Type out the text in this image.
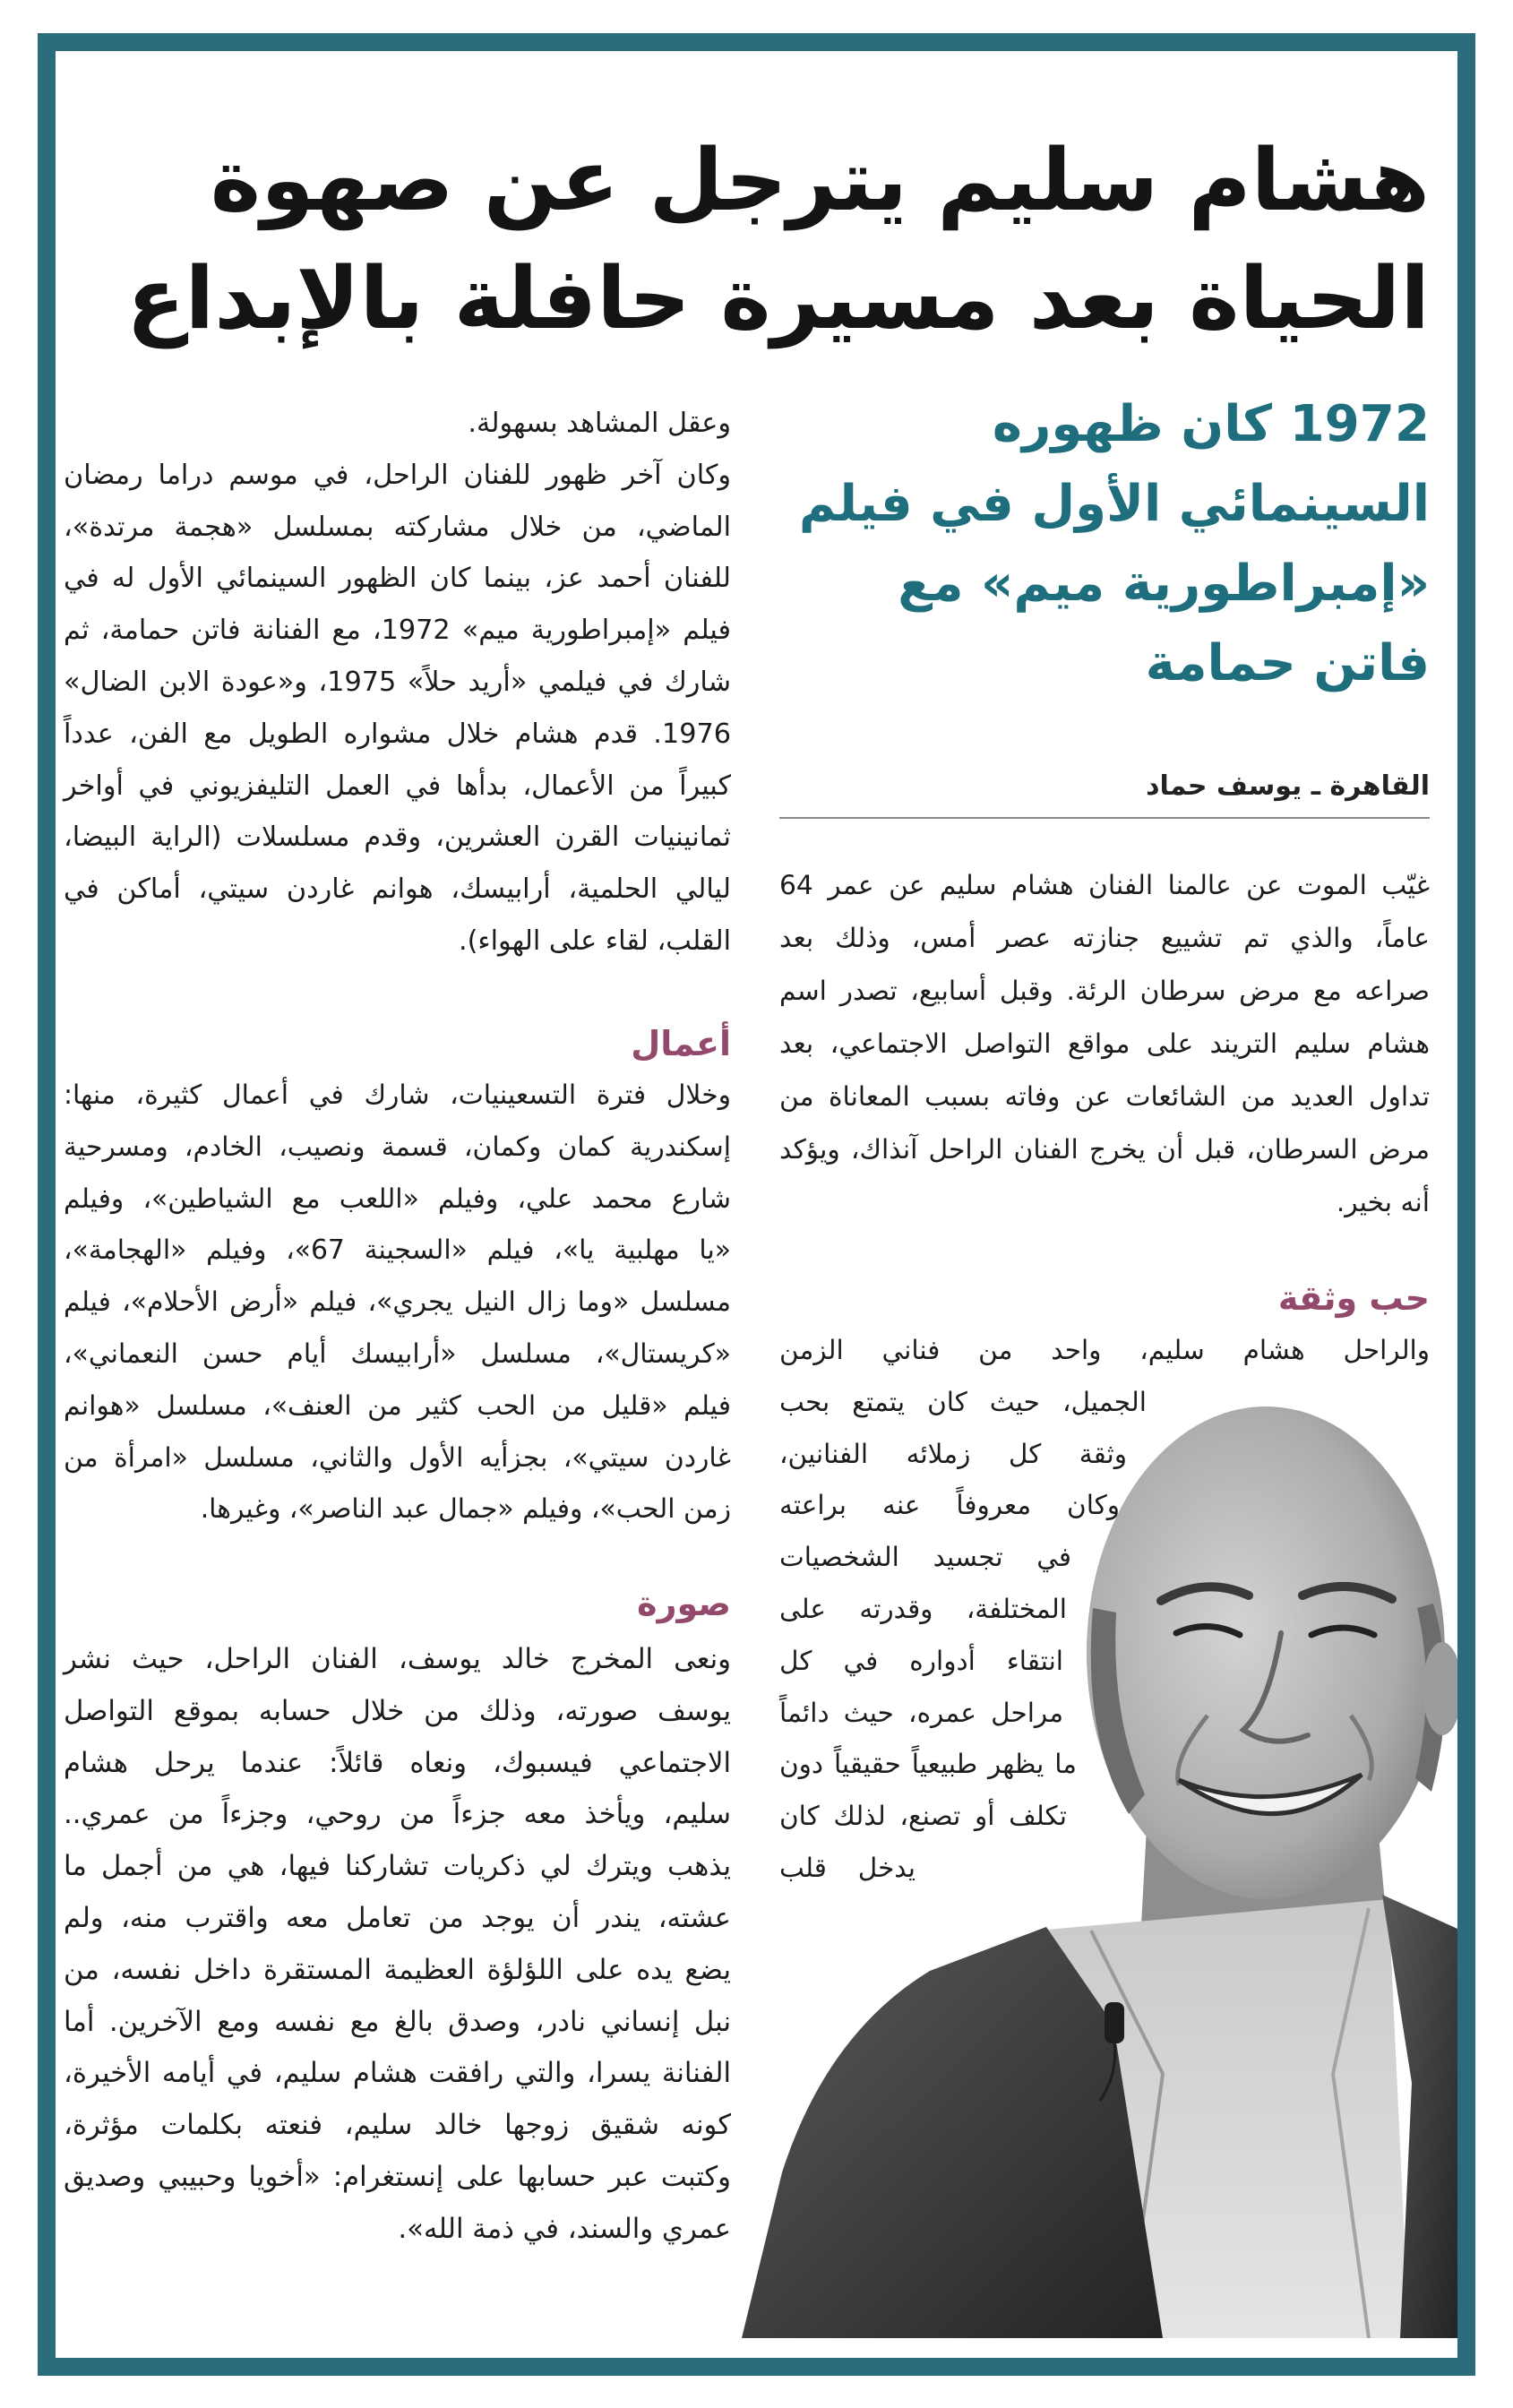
هشام سليم يترجل عن صهوة
الحياة بعد مسيرة حافلة بالإبداع
1972 كان ظهوره
السينمائي الأول في فيلم
«إمبراطورية ميم» مع
فاتن حمامة
القاهرة ـ يوسف حماد
غيّب الموت عن عالمنا الفنان هشام سليم عن عمر 64
عاماً، والذي تم تشييع جنازته عصر أمس، وذلك بعد
صراعه مع مرض سرطان الرئة. وقبل أسابيع، تصدر اسم
هشام سليم التريند على مواقع التواصل الاجتماعي، بعد
تداول العديد من الشائعات عن وفاته بسبب المعاناة من
مرض السرطان، قبل أن يخرج الفنان الراحل آنذاك، ويؤكد
أنه بخير.
حب وثقة
والراحل هشام سليم، واحد من فناني الزمن
الجميل، حيث كان يتمتع بحب
وثقة كل زملائه الفنانين،
وكان معروفاً عنه براعته
في تجسيد الشخصيات
المختلفة، وقدرته على
انتقاء أدواره في كل
مراحل عمره، حيث دائماً
ما يظهر طبيعياً حقيقياً دون
تكلف أو تصنع، لذلك كان
يدخل قلب
وعقل المشاهد بسهولة.
وكان آخر ظهور للفنان الراحل، في موسم دراما رمضان
الماضي، من خلال مشاركته بمسلسل «هجمة مرتدة»،
للفنان أحمد عز، بينما كان الظهور السينمائي الأول له في
فيلم «إمبراطورية ميم» 1972، مع الفنانة فاتن حمامة، ثم
شارك في فيلمي «أريد حلاً» 1975، و«عودة الابن الضال»
1976. قدم هشام خلال مشواره الطويل مع الفن، عدداً
كبيراً من الأعمال، بدأها في العمل التليفزيوني في أواخر
ثمانينيات القرن العشرين، وقدم مسلسلات (الراية البيضا،
ليالي الحلمية، أرابيسك، هوانم غاردن سيتي، أماكن في
القلب، لقاء على الهواء).
أعمال
وخلال فترة التسعينيات، شارك في أعمال كثيرة، منها:
إسكندرية كمان وكمان، قسمة ونصيب، الخادم، ومسرحية
شارع محمد علي، وفيلم «اللعب مع الشياطين»، وفيلم
«يا مهلبية يا»، فيلم «السجينة 67»، وفيلم «الهجامة»،
مسلسل «وما زال النيل يجري»، فيلم «أرض الأحلام»، فيلم
«كريستال»، مسلسل «أرابيسك أيام حسن النعماني»،
فيلم «قليل من الحب كثير من العنف»، مسلسل «هوانم
غاردن سيتي»، بجزأيه الأول والثاني، مسلسل «امرأة من
زمن الحب»، وفيلم «جمال عبد الناصر»، وغيرها.
صورة
ونعى المخرج خالد يوسف، الفنان الراحل، حيث نشر
يوسف صورته، وذلك من خلال حسابه بموقع التواصل
الاجتماعي فيسبوك، ونعاه قائلاً: عندما يرحل هشام
سليم، ويأخذ معه جزءاً من روحي، وجزءاً من عمري..
يذهب ويترك لي ذكريات تشاركنا فيها، هي من أجمل ما
عشته، يندر أن يوجد من تعامل معه واقترب منه، ولم
يضع يده على اللؤلؤة العظيمة المستقرة داخل نفسه، من
نبل إنساني نادر، وصدق بالغ مع نفسه ومع الآخرين. أما
الفنانة يسرا، والتي رافقت هشام سليم، في أيامه الأخيرة،
كونه شقيق زوجها خالد سليم، فنعته بكلمات مؤثرة،
وكتبت عبر حسابها على إنستغرام: «أخويا وحبيبي وصديق
عمري والسند، في ذمة الله».
